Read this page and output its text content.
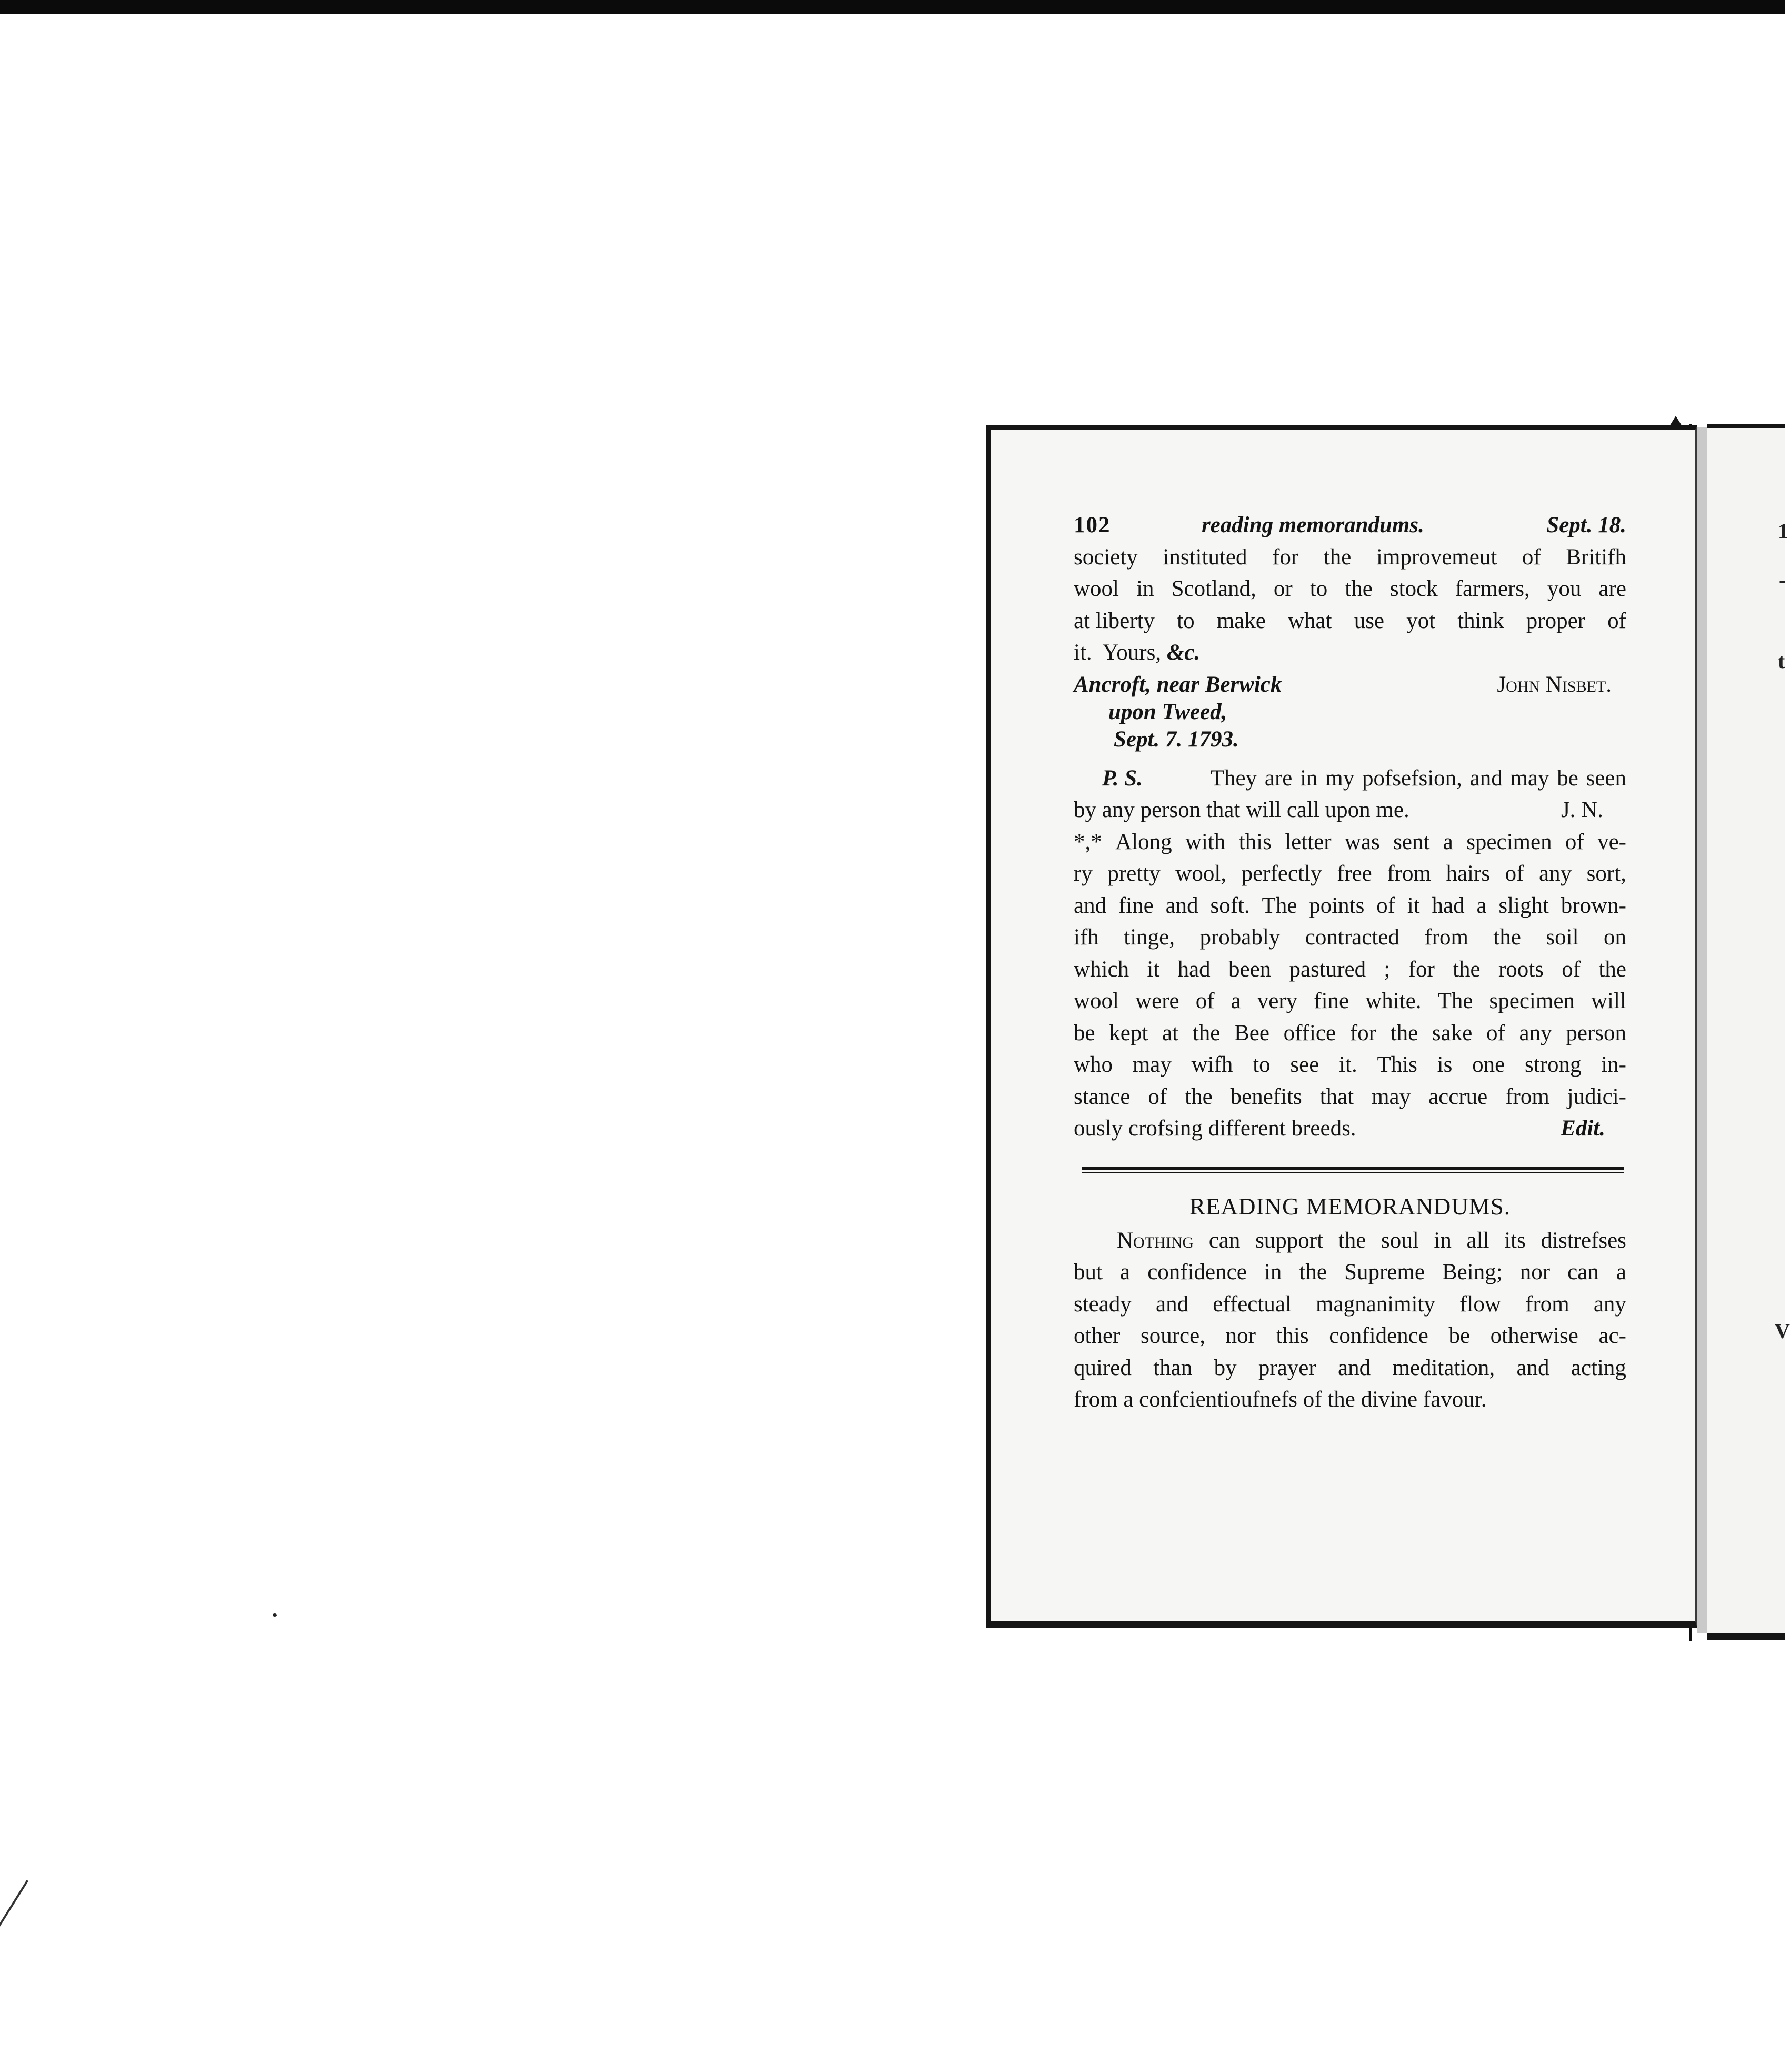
1
-
t
V
102	reading memorandums.	Sept. 18.
society instituted for the improvemeut of Britifh
wool in Scotland, or to the stock farmers, you are
at liberty to make what use yot think proper of
it.  Yours, &c.
Ancroft, near Berwick	John Nisbet.
upon Tweed,
Sept. 7. 1793.
P. S.	They are in my pofsefsion, and may be seen
by any person that will call upon me.	J. N.
*,* Along with this letter was sent a specimen of ve-
ry pretty wool, perfectly free from hairs of any sort,
and fine and soft. The points of it had a slight brown-
ifh tinge, probably contracted from the soil on
which it had been pastured ; for the roots of the
wool were of a very fine white. The specimen will
be kept at the Bee office for the sake of any person
who may wifh to see it. This is one strong in-
stance of the benefits that may accrue from judici-
ously crofsing different breeds.	Edit.
READING MEMORANDUMS.
Nothing can support the soul in all its distrefses
but a confidence in the Supreme Being; nor can a
steady and effectual magnanimity flow from any
other source, nor this confidence be otherwise ac-
quired than by prayer and meditation, and acting
from a confcientioufnefs of the divine favour.
